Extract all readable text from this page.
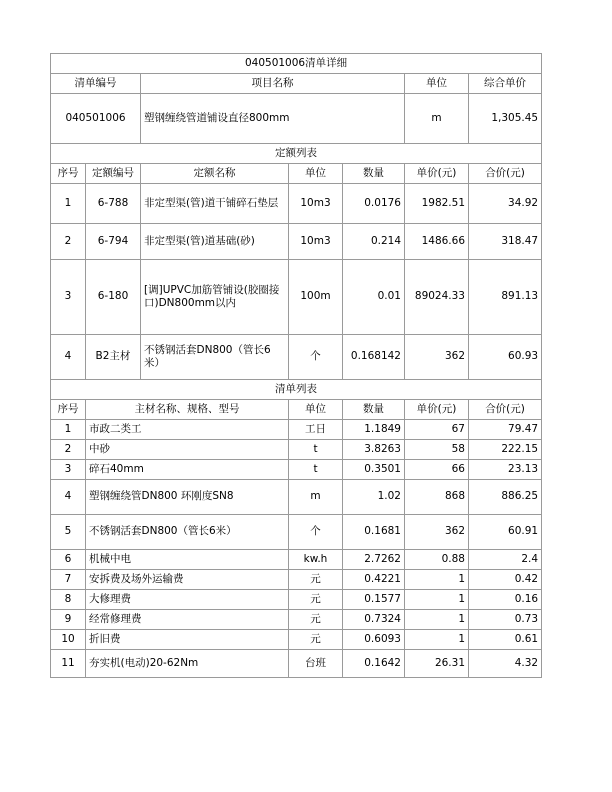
040501006清单详细						
清单编号		项目名称			单位	综合单价
040501006		塑钢缠绕管道铺设直径800mm			m	1,305.45
定额列表						
序号	定额编号	定额名称	单位	数量	单价(元)	合价(元)
1	6-788	非定型渠(管)道干铺碎石垫层	10m3	0.0176	1982.51	34.92
2	6-794	非定型渠(管)道基础(砂)	10m3	0.214	1486.66	318.47
3	6-180	[调]UPVC加筋管铺设(胶圈接口)DN800mm以内	100m	0.01	89024.33	891.13
4	B2主材	不锈钢活套DN800（管长6米）	个	0.168142	362	60.93
清单列表						
序号	主材名称、规格、型号		单位	数量	单价(元)	合价(元)
1	市政二类工		工日	1.1849	67	79.47
2	中砂		t	3.8263	58	222.15
3	碎石40mm		t	0.3501	66	23.13
4	塑钢缠绕管DN800 环刚度SN8		m	1.02	868	886.25
5	不锈钢活套DN800（管长6米）		个	0.1681	362	60.91
6	机械中电		kw.h	2.7262	0.88	2.4
7	安拆费及场外运输费		元	0.4221	1	0.42
8	大修理费		元	0.1577	1	0.16
9	经常修理费		元	0.7324	1	0.73
10	折旧费		元	0.6093	1	0.61
11	夯实机(电动)20-62Nm		台班	0.1642	26.31	4.32
